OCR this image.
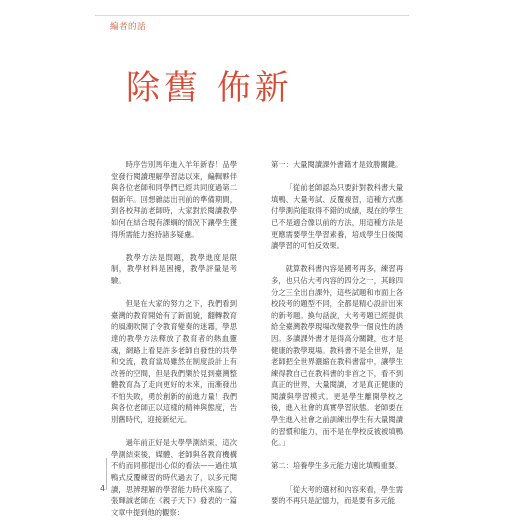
編者的話
除舊 佈新

時序告別馬年進入羊年新春！品學堂發行閱讀理解學習誌以來，編輯夥伴與各位老師和同學們已經共同度過第二個新年。回想雜誌出刊前的準備期間，到各校拜訪老師時，大家對於閱讀教學如何在結合現有課綱的情況下讓學生獲得所需能力抱持諸多疑慮。

教學方法是問題，教學進度是限制，教學材料是困擾，教學評量是考驗。

但是在大家的努力之下，我們看到臺灣的教育開始有了新面貌，翻轉教育的風潮吹開了令教育變奏的迷霧，學思達的教學方法釋放了教育者的熱血靈魂，網路上看見許多老師自發性的共學和交流，教育當局雖然在制度設計上有改善的空間，但是我們樂於見到臺灣整體教育為了走向更好的未來，而漸發出不怕失敗，勇於創新的前進力量！我們與各位老師正以這樣的精神與態度，告別舊時代，迎接新紀元。

過年前正好是大學學測結束，這次學測結束後，媒體、老師與各教育機構不約而同都提出心似的看法——過往填鴨式反覆練習的時代過去了，以多元閱讀，思辨理解的學習能力時代來臨了，張輝誠老師在《親子天下》發表的一篇文章中提到他的觀察：

第一：大量閱讀課外書籍才是致勝關鍵。

「從前老師認為只要針對教科書大量填鴨、大量考試、反覆複習，這種方式應付學測尚能取得不錯的成績，現在的學生已不是適合像以前的方法，用這種方法是更應需要學生學習素養，培成學生日後閱讀學習的可怕反效果。

就算教科書內容是國考再多，練習再多，也只佔大考內容的四分之一，其餘四分之三全出自課外，這些試題和市面上各校段考的題型不同，全都是精心設計出來的新考題。換句話說，大考考題已經提供給全臺灣教學現場改變教學一個良性的誘因。多讀課外書才是得高分關鍵，也才是健康的教學現場。教科書不是全世界，是老師把全世界濃縮在教科書當中，讓學生練得教自己在教科書的非首之下，看不到真正的世界，大量閱讀，才是真正健康的閱讀與學習模式。更是學生離開學校之後，進入社會的真實學習狀態。老師要在學生進入社會之前訓練出學生有大量閱讀的習慣和能力，而不是在學校反被被填鴨化。」

第二：培養學生多元能力遠比填鴨重要。

「從大考的選材和內容來看，學生需要的不再只是記憶力，而是要有多元能

4
